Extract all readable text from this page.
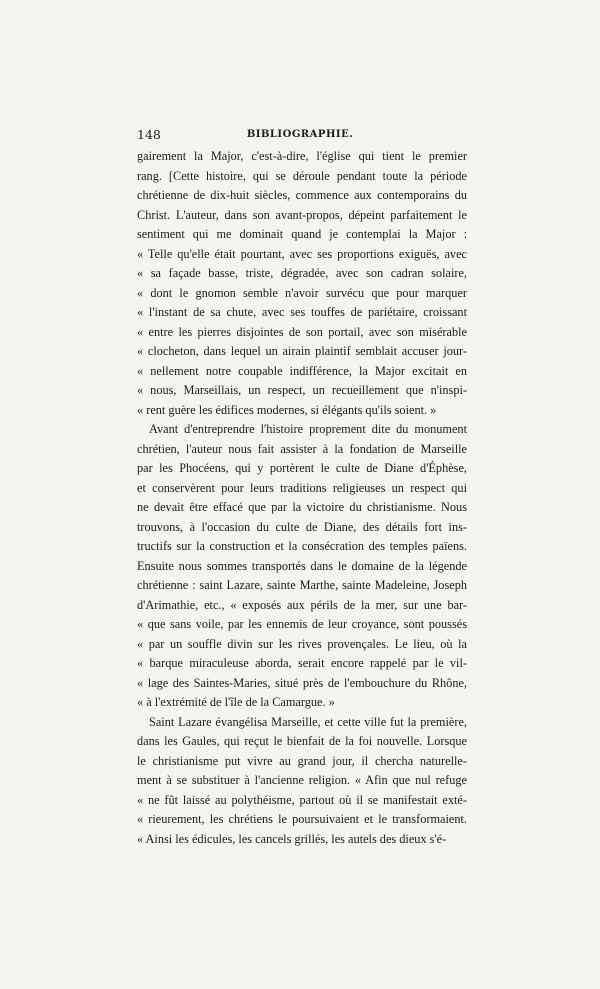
148	BIBLIOGRAPHIE.
gairement la Major, c'est-à-dire, l'église qui tient le premier
rang. [Cette histoire, qui se déroule pendant toute la période
chrétienne de dix-huit siècles, commence aux contemporains du
Christ. L'auteur, dans son avant-propos, dépeint parfaitement le
sentiment qui me dominait quand je contemplai la Major :
« Telle qu'elle était pourtant, avec ses proportions exiguës, avec
« sa façade basse, triste, dégradée, avec son cadran solaire,
« dont le gnomon semble n'avoir survécu que pour marquer
« l'instant de sa chute, avec ses touffes de pariétaire, croissant
« entre les pierres disjointes de son portail, avec son misérable
« clocheton, dans lequel un airain plaintif semblait accuser jour-
« nellement notre coupable indifférence, la Major excitait en
« nous, Marseillais, un respect, un recueillement que n'inspi-
« rent guère les édifices modernes, si élégants qu'ils soient. »
Avant d'entreprendre l'histoire proprement dite du monument
chrétien, l'auteur nous fait assister à la fondation de Marseille
par les Phocéens, qui y portèrent le culte de Diane d'Éphèse,
et conservèrent pour leurs traditions religieuses un respect qui
ne devait être effacé que par la victoire du christianisme. Nous
trouvons, à l'occasion du culte de Diane, des détails fort ins-
tructifs sur la construction et la consécration des temples païens.
Ensuite nous sommes transportés dans le domaine de la légende
chrétienne : saint Lazare, sainte Marthe, sainte Madeleine, Joseph
d'Arimathie, etc., « exposés aux périls de la mer, sur une bar-
« que sans voile, par les ennemis de leur croyance, sont poussés
« par un souffle divin sur les rives provençales. Le lieu, où la
« barque miraculeuse aborda, serait encore rappelé par le vil-
« lage des Saintes-Maries, situé près de l'embouchure du Rhône,
« à l'extrémité de l'île de la Camargue. »
Saint Lazare évangélisa Marseille, et cette ville fut la première,
dans les Gaules, qui reçut le bienfait de la foi nouvelle. Lorsque
le christianisme put vivre au grand jour, il chercha naturelle-
ment à se substituer à l'ancienne religion. « Afin que nul refuge
« ne fût laissé au polythéisme, partout où il se manifestait exté-
« rieurement, les chrétiens le poursuivaient et le transformaient.
« Ainsi les édicules, les cancels grillés, les autels des dieux s'é-
